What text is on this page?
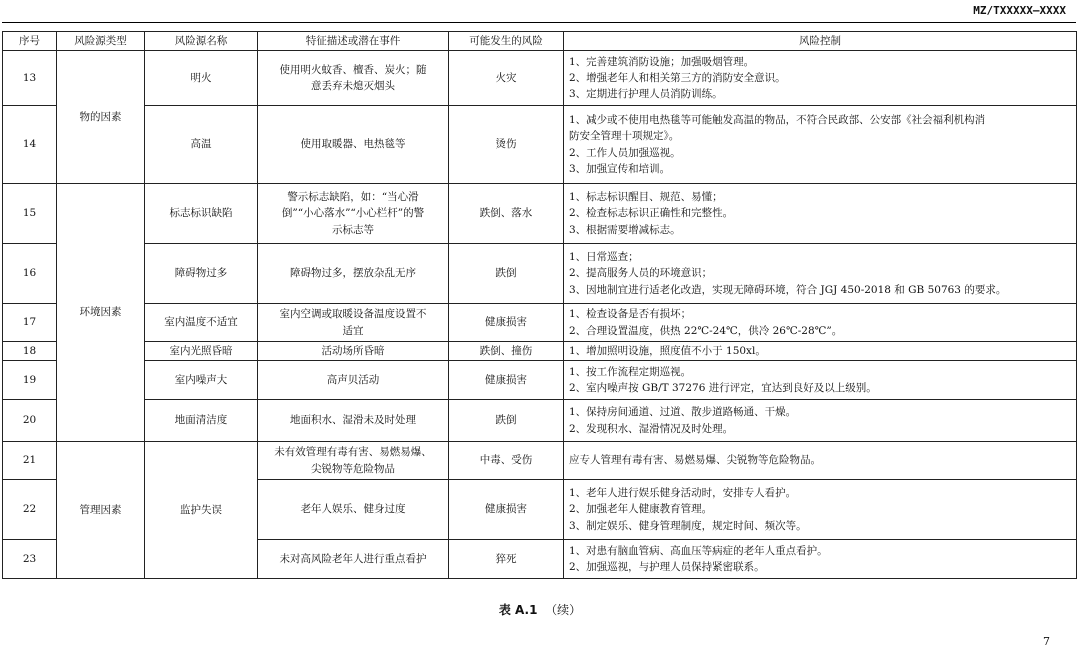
MZ/TXXXXX—XXXX
序号	风险源类型	风险源名称	特征描述或潜在事件	可能发生的风险	风险控制
13	物的因素	明火	使用明火蚊香、檀香、炭火；随
意丢弃未熄灭烟头	火灾	1、完善建筑消防设施；加强吸烟管理。
2、增强老年人和相关第三方的消防安全意识。
3、定期进行护理人员消防训练。

14		高温	使用取暖器、电热毯等	烫伤	1、减少或不使用电热毯等可能触发高温的物品，不符合民政部、公安部《社会福利机构消
防安全管理十项规定》。
2、工作人员加强巡视。
3、加强宣传和培训。

15	环境因素	标志标识缺陷	警示标志缺陷，如：“当心滑
倒”“小心落水”“小心栏杆”的警
示标志等	跌倒、落水	1、标志标识醒目、规范、易懂；
2、检查标志标识正确性和完整性。
3、根据需要增减标志。

16		障碍物过多	障碍物过多，摆放杂乱无序	跌倒	1、日常巡查；
2、提高服务人员的环境意识；
3、因地制宜进行适老化改造，实现无障碍环境，符合 JGJ 450-2018 和 GB 50763 的要求。

17		室内温度不适宜	室内空调或取暖设备温度设置不
适宜	健康损害	1、检查设备是否有损坏；
2、合理设置温度，供热 22℃-24℃，供冷 26℃-28℃”。

18		室内光照昏暗	活动场所昏暗	跌倒、撞伤	1、增加照明设施，照度值不小于 150xl。

19		室内噪声大	高声贝活动	健康损害	1、按工作流程定期巡视。
2、室内噪声按 GB/T 37276 进行评定，宜达到良好及以上级别。

20		地面清洁度	地面积水、湿滑未及时处理	跌倒	1、保持房间通道、过道、散步道路畅通、干燥。
2、发现积水、湿滑情况及时处理。

21	管理因素	监护失误	未有效管理有毒有害、易燃易爆、
尖锐物等危险物品	中毒、受伤	应专人管理有毒有害、易燃易爆、尖锐物等危险物品。

22			老年人娱乐、健身过度	健康损害	1、老年人进行娱乐健身活动时，安排专人看护。
2、加强老年人健康教育管理。
3、制定娱乐、健身管理制度，规定时间、频次等。

23			未对高风险老年人进行重点看护	猝死	1、对患有脑血管病、高血压等病症的老年人重点看护。
2、加强巡视，与护理人员保持紧密联系。
表 A.1 （续）
7
